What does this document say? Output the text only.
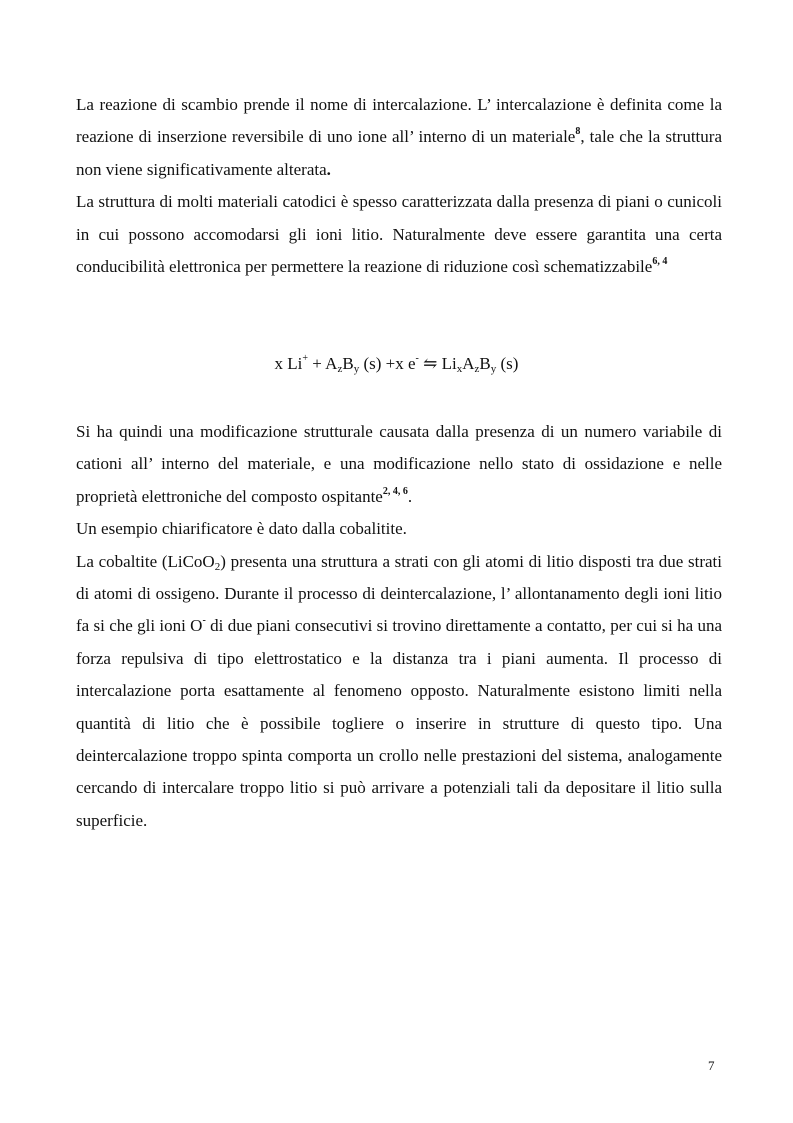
La reazione di scambio prende il nome di intercalazione. L’ intercalazione è definita come la reazione di inserzione reversibile di uno ione all’ interno di un materiale$^8$, tale che la struttura non viene significativamente alterata.

La struttura di molti materiali catodici è spesso caratterizzata dalla presenza di piani o cunicoli in cui possono accomodarsi gli ioni litio. Naturalmente deve essere garantita una certa conducibilità elettronica per permettere la reazione di riduzione così schematizzabile$^{6, 4}$

x $Li^+ + A_zB_y$ (s) +x e- ⇋ $Li_xA_zB_y$ (s)

Si ha quindi una modificazione strutturale causata dalla presenza di un numero variabile di cationi all’ interno del materiale, e una modificazione nello stato di ossidazione e nelle proprietà elettroniche del composto ospitante$^{2, 4, 6}$.

Un esempio chiarificatore è dato dalla cobalitite.

La cobaltite (LiCoO$_2$) presenta una struttura a strati con gli atomi di litio disposti tra due strati di atomi di ossigeno. Durante il processo di deintercalazione, l’ allontanamento degli ioni litio fa si che gli ioni O- di due piani consecutivi si trovino direttamente a contatto, per cui si ha una forza repulsiva di tipo elettrostatico e la distanza tra i piani aumenta. Il processo di intercalazione porta esattamente al fenomeno opposto. Naturalmente esistono limiti nella quantità di litio che è possibile togliere o inserire in strutture di questo tipo. Una deintercalazione troppo spinta comporta un crollo nelle prestazioni del sistema, analogamente cercando di intercalare troppo litio si può arrivare a potenziali tali da depositare il litio sulla superficie.

7
